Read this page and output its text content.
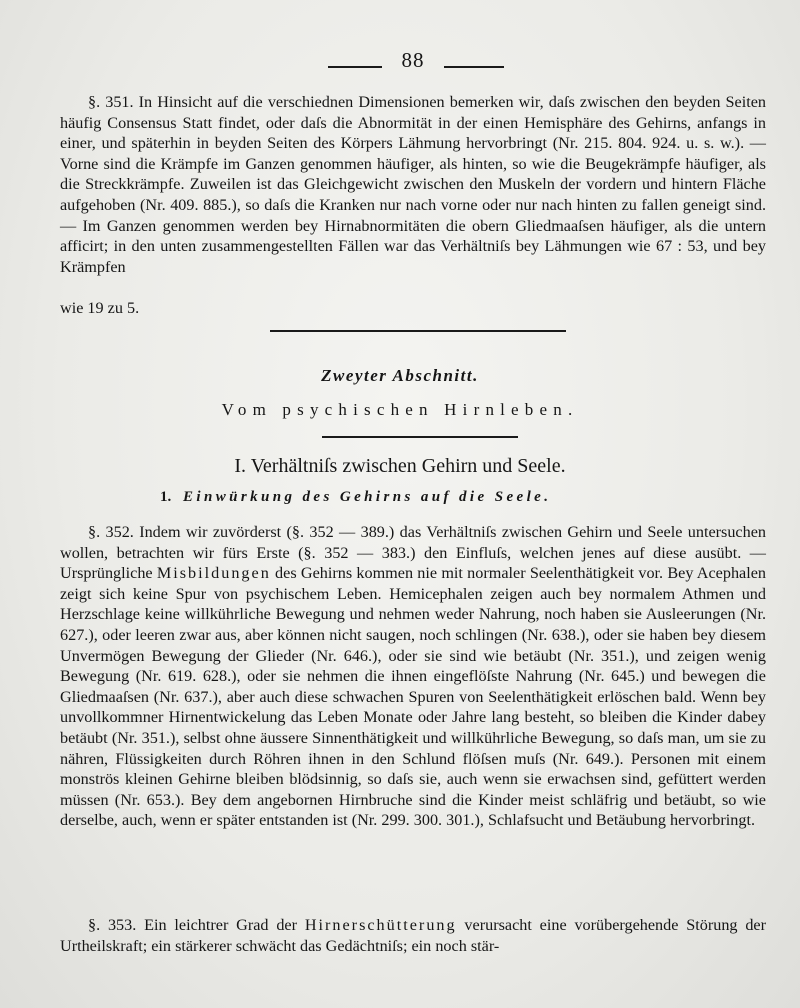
88

§. 351. In Hinsicht auf die verschiednen Dimensionen bemerken wir, daſs zwischen den beyden Seiten häufig Consensus Statt findet, oder daſs die Abnormität in der einen Hemisphäre des Gehirns, anfangs in einer, und späterhin in beyden Seiten des Körpers Lähmung hervorbringt (Nr. 215. 804. 924. u. s. w.). — Vorne sind die Krämpfe im Ganzen genommen häufiger, als hinten, so wie die Beugekrämpfe häufiger, als die Streckkrämpfe. Zuweilen ist das Gleichgewicht zwischen den Muskeln der vordern und hintern Fläche aufgehoben (Nr. 409. 885.), so daſs die Kranken nur nach vorne oder nur nach hinten zu fallen geneigt sind. — Im Ganzen genommen werden bey Hirnabnormitäten die obern Gliedmaaſsen häufiger, als die untern afficirt; in den unten zusammengestellten Fällen war das Verhältniſs bey Lähmungen wie 67 : 53, und bey Krämpfen

wie 19 zu 5.
Zweyter Abschnitt.
Vom psychischen Hirnleben.
I. Verhältniſs zwischen Gehirn und Seele.
1. Einwürkung des Gehirns auf die Seele.

§. 352. Indem wir zuvörderst (§. 352 — 389.) das Verhältniſs zwischen Gehirn und Seele untersuchen wollen, betrachten wir fürs Erste (§. 352 — 383.) den Einfluſs, welchen jenes auf diese ausübt. — Ursprüngliche Misbildungen des Gehirns kommen nie mit normaler Seelenthätigkeit vor. Bey Acephalen zeigt sich keine Spur von psychischem Leben. Hemicephalen zeigen auch bey normalem Athmen und Herzschlage keine willkührliche Bewegung und nehmen weder Nahrung, noch haben sie Ausleerungen (Nr. 627.), oder leeren zwar aus, aber können nicht saugen, noch schlingen (Nr. 638.), oder sie haben bey diesem Unvermögen Bewegung der Glieder (Nr. 646.), oder sie sind wie betäubt (Nr. 351.), und zeigen wenig Bewegung (Nr. 619. 628.), oder sie nehmen die ihnen eingeflöſste Nahrung (Nr. 645.) und bewegen die Gliedmaaſsen (Nr. 637.), aber auch diese schwachen Spuren von Seelenthätigkeit erlöschen bald. Wenn bey unvollkommner Hirnentwickelung das Leben Monate oder Jahre lang besteht, so bleiben die Kinder dabey betäubt (Nr. 351.), selbst ohne äussere Sinnenthätigkeit und willkührliche Bewegung, so daſs man, um sie zu nähren, Flüssigkeiten durch Röhren ihnen in den Schlund flöſsen muſs (Nr. 649.). Personen mit einem monströs kleinen Gehirne bleiben blödsinnig, so daſs sie, auch wenn sie erwachsen sind, gefüttert werden müssen (Nr. 653.). Bey dem angebornen Hirnbruche sind die Kinder meist schläfrig und betäubt, so wie derselbe, auch, wenn er später entstanden ist (Nr. 299. 300. 301.), Schlafsucht und Betäubung hervorbringt.

§. 353. Ein leichtrer Grad der Hirnerschütterung verursacht eine vorübergehende Störung der Urtheilskraft; ein stärkerer schwächt das Gedächtniſs; ein noch stär-
